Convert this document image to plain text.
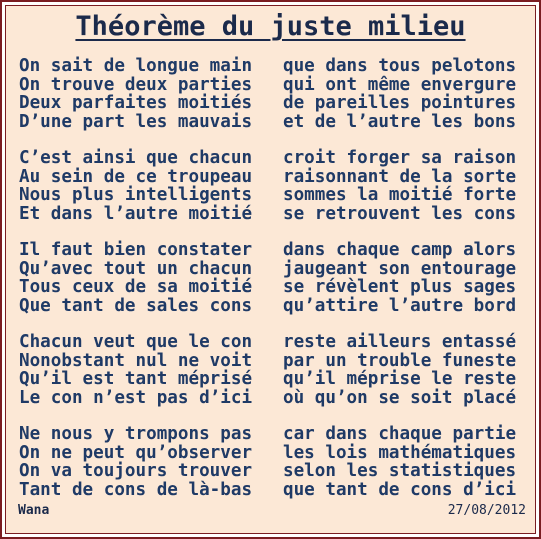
Théorème du juste milieu
On sait de longue main	que dans tous pelotons
On trouve deux parties	qui ont même envergure
Deux parfaites moitiés	de pareilles pointures
D’une part les mauvais	et de l’autre les bons
C’est ainsi que chacun	croit forger sa raison
Au sein de ce troupeau	raisonnant de la sorte
Nous plus intelligents	sommes la moitié forte
Et dans l’autre moitié	se retrouvent les cons
Il faut bien constater	dans chaque camp alors
Qu’avec tout un chacun	jaugeant son entourage
Tous ceux de sa moitié	se révèlent plus sages
Que tant de sales cons	qu’attire l’autre bord
Chacun veut que le con	reste ailleurs entassé
Nonobstant nul ne voit	par un trouble funeste
Qu’il est tant méprisé	qu’il méprise le reste
Le con n’est pas d’ici	où qu’on se soit placé
Ne nous y trompons pas	car dans chaque partie
On ne peut qu’observer	les lois mathématiques
On va toujours trouver	selon les statistiques
Tant de cons de là-bas	que tant de cons d’ici
Wana	27/08/2012
